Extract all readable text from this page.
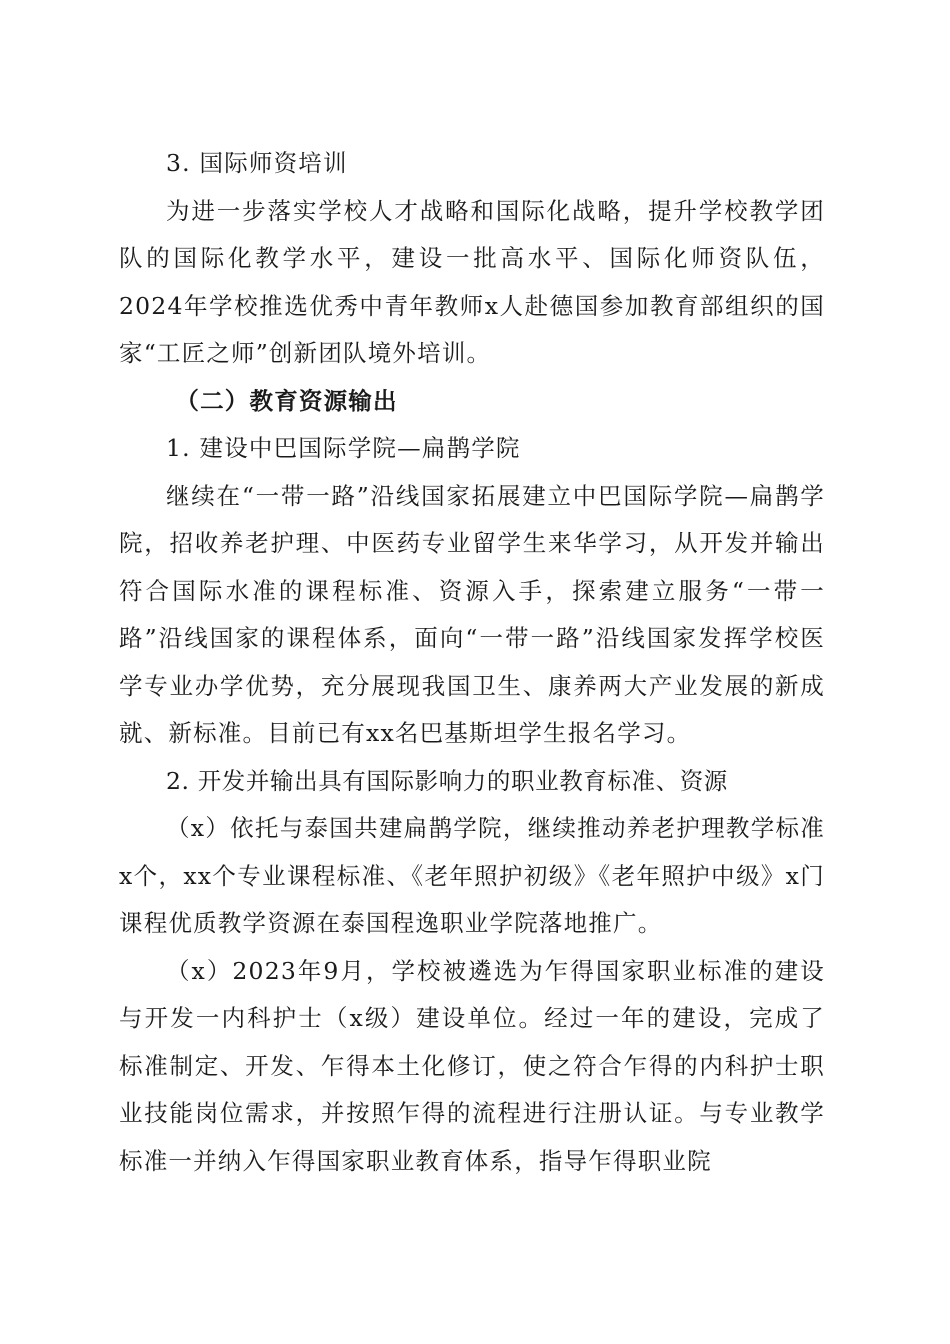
3. 国际师资培训

为进一步落实学校人才战略和国际化战略，提升学校教学团队的国际化教学水平，建设一批高水平、国际化师资队伍，2024年学校推选优秀中青年教师x人赴德国参加教育部组织的国家“工匠之师”创新团队境外培训。

（二）教育资源输出

1. 建设中巴国际学院—扁鹊学院

继续在“一带一路”沿线国家拓展建立中巴国际学院—扁鹊学院，招收养老护理、中医药专业留学生来华学习，从开发并输出符合国际水准的课程标准、资源入手，探索建立服务“一带一路”沿线国家的课程体系，面向“一带一路”沿线国家发挥学校医学专业办学优势，充分展现我国卫生、康养两大产业发展的新成就、新标准。目前已有xx名巴基斯坦学生报名学习。

2. 开发并输出具有国际影响力的职业教育标准、资源

（x）依托与泰国共建扁鹊学院，继续推动养老护理教学标准x个，xx个专业课程标准、《老年照护初级》《老年照护中级》x门课程优质教学资源在泰国程逸职业学院落地推广。

（x）2023年9月，学校被遴选为乍得国家职业标准的建设与开发一内科护士（x级）建设单位。经过一年的建设，完成了标准制定、开发、乍得本土化修订，使之符合乍得的内科护士职业技能岗位需求，并按照乍得的流程进行注册认证。与专业教学标准一并纳入乍得国家职业教育体系，指导乍得职业院
